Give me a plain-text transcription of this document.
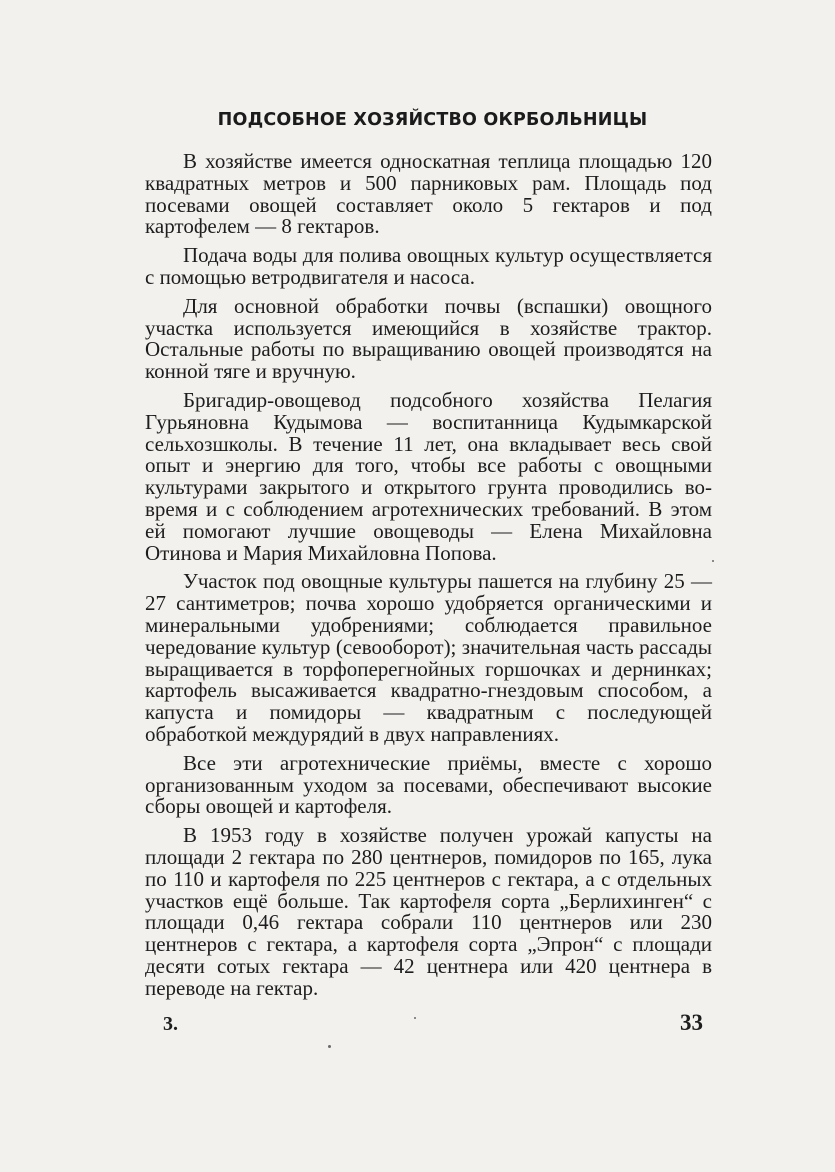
ПОДСОБНОЕ ХОЗЯЙСТВО ОКРБОЛЬНИЦЫ

В хозяйстве имеется односкатная теплица площадью 120 квадратных метров и 500 парниковых рам. Площадь под посевами овощей составляет около 5 гектаров и под картофелем — 8 гектаров.

Подача воды для полива овощных культур осуществляется с помощью ветродвигателя и насоса.

Для основной обработки почвы (вспашки) овощного участка используется имеющийся в хозяйстве трактор. Остальные работы по выращиванию овощей производятся на конной тяге и вручную.

Бригадир-овощевод подсобного хозяйства Пелагия Гурьяновна Кудымова — воспитанница Кудымкарской сельхозшколы. В течение 11 лет, она вкладывает весь свой опыт и энергию для того, чтобы все работы с овощными культурами закрытого и открытого грунта проводились во-время и с соблюдением агротехнических требований. В этом ей помогают лучшие овощеводы — Елена Михайловна Отинова и Мария Михайловна Попова.

Участок под овощные культуры пашется на глубину 25 — 27 сантиметров; почва хорошо удобряется органическими и минеральными удобрениями; соблюдается правильное чередование культур (севооборот); значительная часть рассады выращивается в торфоперегнойных горшочках и дернинках; картофель высаживается квадратно-гнездовым способом, а капуста и помидоры — квадратным с последующей обработкой междурядий в двух направлениях.

Все эти агротехнические приёмы, вместе с хорошо организованным уходом за посевами, обеспечивают высокие сборы овощей и картофеля.

В 1953 году в хозяйстве получен урожай капусты на площади 2 гектара по 280 центнеров, помидоров по 165, лука по 110 и картофеля по 225 центнеров с гектара, а с отдельных участков ещё больше. Так картофеля сорта „Берлихинген“ с площади 0,46 гектара собрали 110 центнеров или 230 центнеров с гектара, а картофеля сорта „Эпрон“ с площади десяти сотых гектара — 42 центнера или 420 центнера в переводе на гектар.

3.	33
